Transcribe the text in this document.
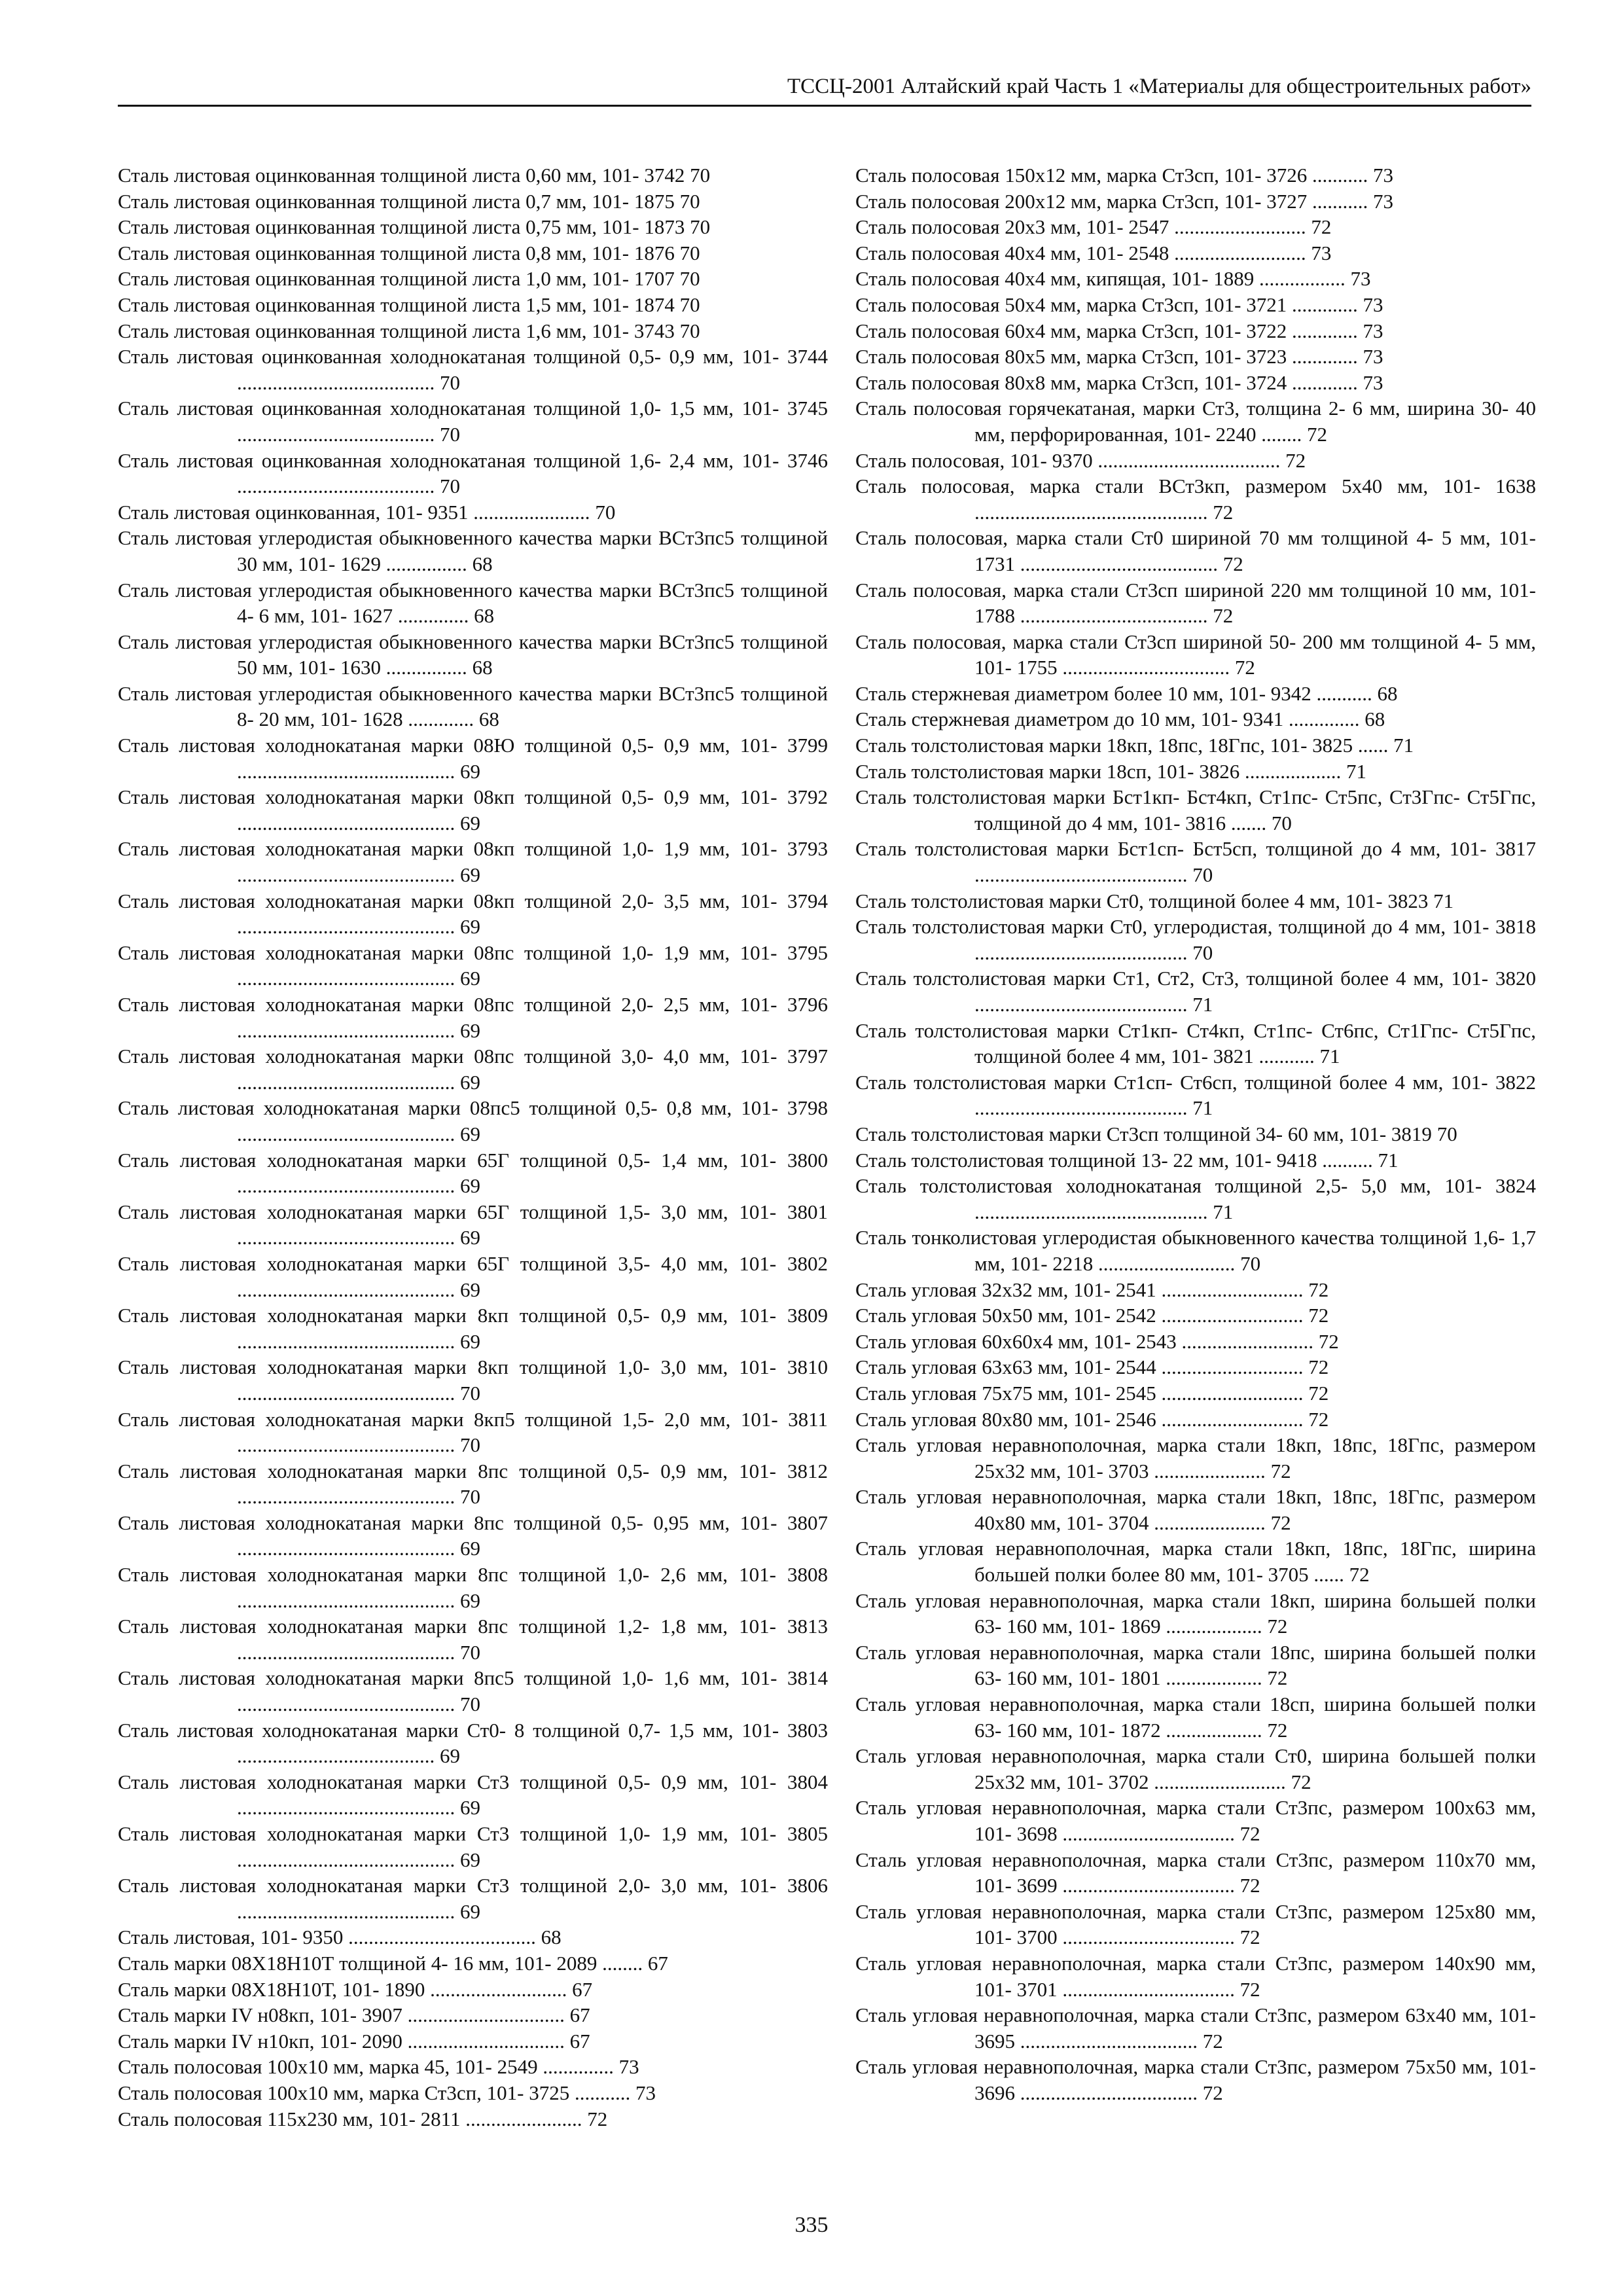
ТССЦ-2001 Алтайский край Часть 1 «Материалы для общестроительных работ»

Сталь листовая оцинкованная толщиной листа 0,60 мм, 101- 3742 70

Сталь листовая оцинкованная толщиной листа 0,7 мм, 101- 1875 70

Сталь листовая оцинкованная толщиной листа 0,75 мм, 101- 1873 70

Сталь листовая оцинкованная толщиной листа 0,8 мм, 101- 1876 70

Сталь листовая оцинкованная толщиной листа 1,0 мм, 101- 1707 70

Сталь листовая оцинкованная толщиной листа 1,5 мм, 101- 1874 70

Сталь листовая оцинкованная толщиной листа 1,6 мм, 101- 3743 70

Сталь листовая оцинкованная холоднокатаная толщиной 0,5- 0,9 мм, 101- 3744 ....................................... 70

Сталь листовая оцинкованная холоднокатаная толщиной 1,0- 1,5 мм, 101- 3745 ....................................... 70

Сталь листовая оцинкованная холоднокатаная толщиной 1,6- 2,4 мм, 101- 3746 ....................................... 70

Сталь листовая оцинкованная, 101- 9351 ....................... 70

Сталь листовая углеродистая обыкновенного качества марки ВСт3пс5 толщиной 30 мм, 101- 1629 ................ 68

Сталь листовая углеродистая обыкновенного качества марки ВСт3пс5 толщиной 4- 6 мм, 101- 1627 .............. 68

Сталь листовая углеродистая обыкновенного качества марки ВСт3пс5 толщиной 50 мм, 101- 1630 ................ 68

Сталь листовая углеродистая обыкновенного качества марки ВСт3пс5 толщиной 8- 20 мм, 101- 1628 ............. 68

Сталь листовая холоднокатаная марки 08Ю толщиной 0,5- 0,9 мм, 101- 3799 ........................................... 69

Сталь листовая холоднокатаная марки 08кп толщиной 0,5- 0,9 мм, 101- 3792 ........................................... 69

Сталь листовая холоднокатаная марки 08кп толщиной 1,0- 1,9 мм, 101- 3793 ........................................... 69

Сталь листовая холоднокатаная марки 08кп толщиной 2,0- 3,5 мм, 101- 3794 ........................................... 69

Сталь листовая холоднокатаная марки 08пс толщиной 1,0- 1,9 мм, 101- 3795 ........................................... 69

Сталь листовая холоднокатаная марки 08пс толщиной 2,0- 2,5 мм, 101- 3796 ........................................... 69

Сталь листовая холоднокатаная марки 08пс толщиной 3,0- 4,0 мм, 101- 3797 ........................................... 69

Сталь листовая холоднокатаная марки 08пс5 толщиной 0,5- 0,8 мм, 101- 3798 ........................................... 69

Сталь листовая холоднокатаная марки 65Г толщиной 0,5- 1,4 мм, 101- 3800 ........................................... 69

Сталь листовая холоднокатаная марки 65Г толщиной 1,5- 3,0 мм, 101- 3801 ........................................... 69

Сталь листовая холоднокатаная марки 65Г толщиной 3,5- 4,0 мм, 101- 3802 ........................................... 69

Сталь листовая холоднокатаная марки 8кп толщиной 0,5- 0,9 мм, 101- 3809 ........................................... 69

Сталь листовая холоднокатаная марки 8кп толщиной 1,0- 3,0 мм, 101- 3810 ........................................... 70

Сталь листовая холоднокатаная марки 8кп5 толщиной 1,5- 2,0 мм, 101- 3811 ........................................... 70

Сталь листовая холоднокатаная марки 8пс толщиной 0,5- 0,9 мм, 101- 3812 ........................................... 70

Сталь листовая холоднокатаная марки 8пс толщиной 0,5- 0,95 мм, 101- 3807 ........................................... 69

Сталь листовая холоднокатаная марки 8пс толщиной 1,0- 2,6 мм, 101- 3808 ........................................... 69

Сталь листовая холоднокатаная марки 8пс толщиной 1,2- 1,8 мм, 101- 3813 ........................................... 70

Сталь листовая холоднокатаная марки 8пс5 толщиной 1,0- 1,6 мм, 101- 3814 ........................................... 70

Сталь листовая холоднокатаная марки Ст0- 8 толщиной 0,7- 1,5 мм, 101- 3803 ....................................... 69

Сталь листовая холоднокатаная марки Ст3 толщиной 0,5- 0,9 мм, 101- 3804 ........................................... 69

Сталь листовая холоднокатаная марки Ст3 толщиной 1,0- 1,9 мм, 101- 3805 ........................................... 69

Сталь листовая холоднокатаная марки Ст3 толщиной 2,0- 3,0 мм, 101- 3806 ........................................... 69

Сталь листовая, 101- 9350 ..................................... 68

Сталь марки 08Х18Н10Т толщиной 4- 16 мм, 101- 2089 ........ 67

Сталь марки 08Х18Н10Т, 101- 1890 ........................... 67

Сталь марки IV н08кп, 101- 3907 ............................... 67

Сталь марки IV н10кп, 101- 2090 ............................... 67

Сталь полосовая 100х10 мм, марка 45, 101- 2549 .............. 73

Сталь полосовая 100х10 мм, марка Ст3сп, 101- 3725 ........... 73

Сталь полосовая 115х230 мм, 101- 2811 ....................... 72

Сталь полосовая 150х12 мм, марка Ст3сп, 101- 3726 ........... 73

Сталь полосовая 200х12 мм, марка Ст3сп, 101- 3727 ........... 73

Сталь полосовая 20х3 мм, 101- 2547 .......................... 72

Сталь полосовая 40х4 мм, 101- 2548 .......................... 73

Сталь полосовая 40х4 мм, кипящая, 101- 1889 ................. 73

Сталь полосовая 50х4 мм, марка Ст3сп, 101- 3721 ............. 73

Сталь полосовая 60х4 мм, марка Ст3сп, 101- 3722 ............. 73

Сталь полосовая 80х5 мм, марка Ст3сп, 101- 3723 ............. 73

Сталь полосовая 80х8 мм, марка Ст3сп, 101- 3724 ............. 73

Сталь полосовая горячекатаная, марки Ст3, толщина 2- 6 мм, ширина 30- 40 мм, перфорированная, 101- 2240 ........ 72

Сталь полосовая, 101- 9370 .................................... 72

Сталь полосовая, марка стали ВСт3кп, размером 5х40 мм, 101- 1638 .............................................. 72

Сталь полосовая, марка стали Ст0 шириной 70 мм толщиной 4- 5 мм, 101- 1731 ....................................... 72

Сталь полосовая, марка стали Ст3сп шириной 220 мм толщиной 10 мм, 101- 1788 ..................................... 72

Сталь полосовая, марка стали Ст3сп шириной 50- 200 мм толщиной 4- 5 мм, 101- 1755 ................................. 72

Сталь стержневая диаметром более 10 мм, 101- 9342 ........... 68

Сталь стержневая диаметром до 10 мм, 101- 9341 .............. 68

Сталь толстолистовая марки 18кп, 18пс, 18Гпс, 101- 3825 ...... 71

Сталь толстолистовая марки 18сп, 101- 3826 ................... 71

Сталь толстолистовая марки Бст1кп- Бст4кп, Ст1пс- Ст5пс, Ст3Гпс- Ст5Гпс, толщиной до 4 мм, 101- 3816 ....... 70

Сталь толстолистовая марки Бст1сп- Бст5сп, толщиной до 4 мм, 101- 3817 .......................................... 70

Сталь толстолистовая марки Ст0, толщиной более 4 мм, 101- 3823 71

Сталь толстолистовая марки Ст0, углеродистая, толщиной до 4 мм, 101- 3818 .......................................... 70

Сталь толстолистовая марки Ст1, Ст2, Ст3, толщиной более 4 мм, 101- 3820 .......................................... 71

Сталь толстолистовая марки Ст1кп- Ст4кп, Ст1пс- Ст6пс, Ст1Гпс- Ст5Гпс, толщиной более 4 мм, 101- 3821 ........... 71

Сталь толстолистовая марки Ст1сп- Ст6сп, толщиной более 4 мм, 101- 3822 .......................................... 71

Сталь толстолистовая марки Ст3сп толщиной 34- 60 мм, 101- 3819 70

Сталь толстолистовая толщиной 13- 22 мм, 101- 9418 .......... 71

Сталь толстолистовая холоднокатаная толщиной 2,5- 5,0 мм, 101- 3824 .............................................. 71

Сталь тонколистовая углеродистая обыкновенного качества толщиной 1,6- 1,7 мм, 101- 2218 ........................... 70

Сталь угловая 32х32 мм, 101- 2541 ............................ 72

Сталь угловая 50х50 мм, 101- 2542 ............................ 72

Сталь угловая 60х60х4 мм, 101- 2543 .......................... 72

Сталь угловая 63х63 мм, 101- 2544 ............................ 72

Сталь угловая 75х75 мм, 101- 2545 ............................ 72

Сталь угловая 80х80 мм, 101- 2546 ............................ 72

Сталь угловая неравнополочная, марка стали 18кп, 18пс, 18Гпс, размером 25х32 мм, 101- 3703 ...................... 72

Сталь угловая неравнополочная, марка стали 18кп, 18пс, 18Гпс, размером 40х80 мм, 101- 3704 ...................... 72

Сталь угловая неравнополочная, марка стали 18кп, 18пс, 18Гпс, ширина большей полки более 80 мм, 101- 3705 ...... 72

Сталь угловая неравнополочная, марка стали 18кп, ширина большей полки 63- 160 мм, 101- 1869 ................... 72

Сталь угловая неравнополочная, марка стали 18пс, ширина большей полки 63- 160 мм, 101- 1801 ................... 72

Сталь угловая неравнополочная, марка стали 18сп, ширина большей полки 63- 160 мм, 101- 1872 ................... 72

Сталь угловая неравнополочная, марка стали Ст0, ширина большей полки 25х32 мм, 101- 3702 .......................... 72

Сталь угловая неравнополочная, марка стали Ст3пс, размером 100х63 мм, 101- 3698 .................................. 72

Сталь угловая неравнополочная, марка стали Ст3пс, размером 110х70 мм, 101- 3699 .................................. 72

Сталь угловая неравнополочная, марка стали Ст3пс, размером 125х80 мм, 101- 3700 .................................. 72

Сталь угловая неравнополочная, марка стали Ст3пс, размером 140х90 мм, 101- 3701 .................................. 72

Сталь угловая неравнополочная, марка стали Ст3пс, размером 63х40 мм, 101- 3695 ................................... 72

Сталь угловая неравнополочная, марка стали Ст3пс, размером 75х50 мм, 101- 3696 ................................... 72

335
